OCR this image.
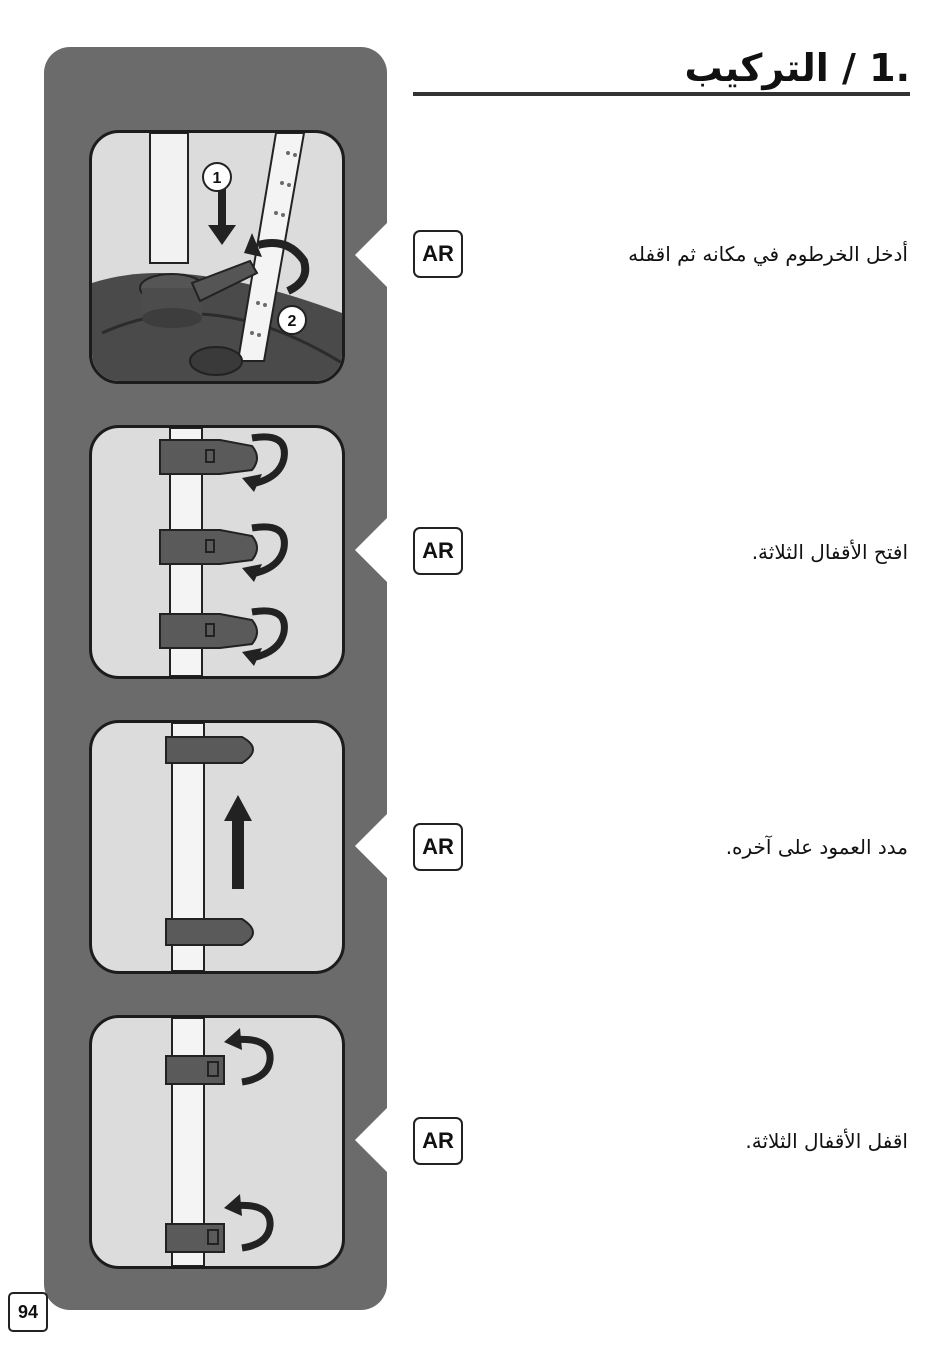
.1 / التركيب
1
2
AR	أدخل الخرطوم في مكانه ثم اقفله
AR	افتح الأقفال الثلاثة.
AR	مدد العمود على آخره.
AR	اقفل الأقفال الثلاثة.
94
